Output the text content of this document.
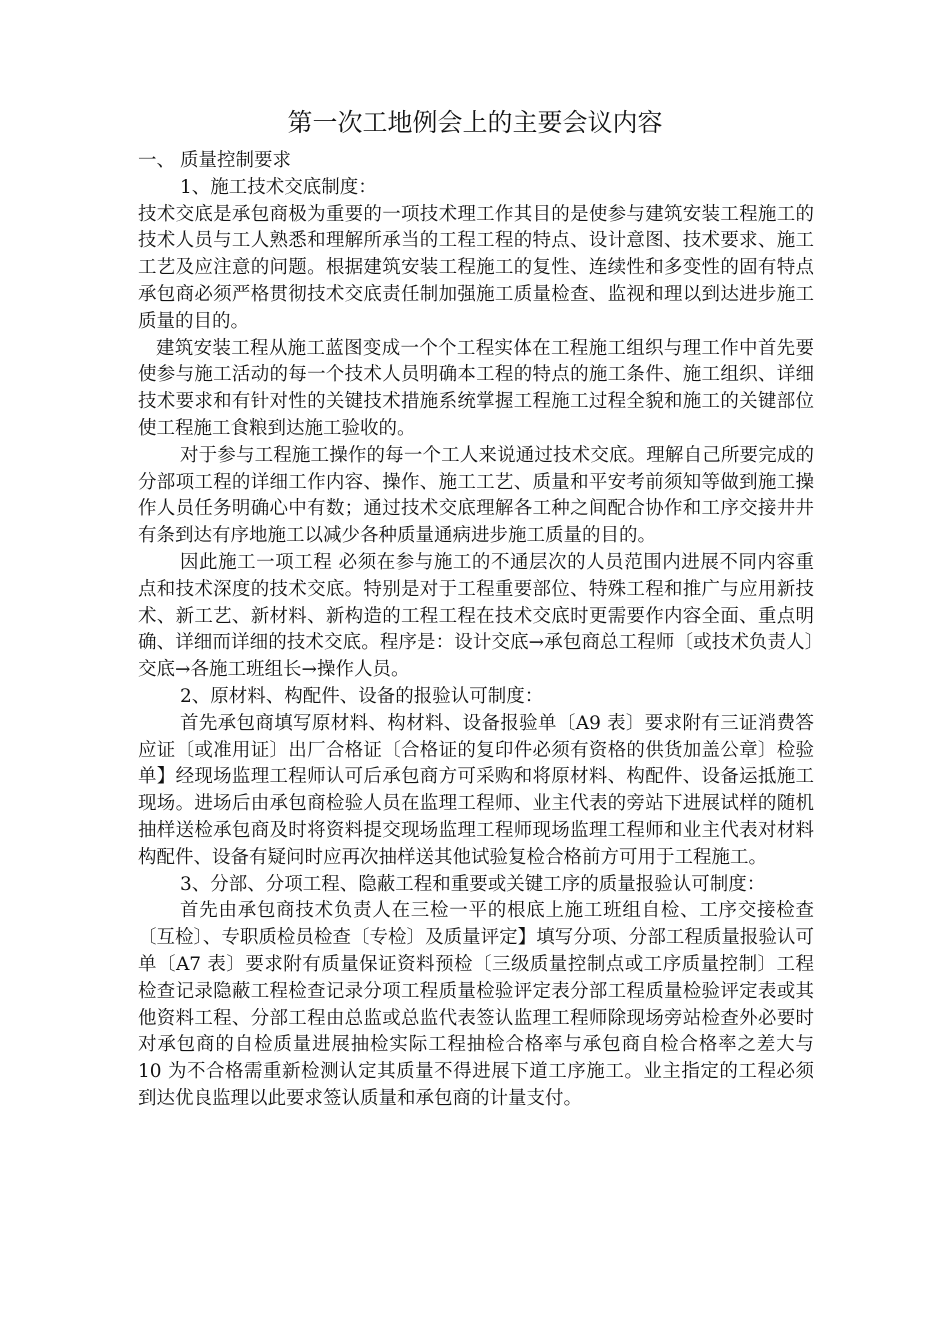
第一次工地例会上的主要会议内容

一、 质量控制要求

1、施工技术交底制度：

技术交底是承包商极为重要的一项技术理工作其目的是使参与建筑安装工程施工的技术人员与工人熟悉和理解所承当的工程工程的特点、设计意图、技术要求、施工工艺及应注意的问题。根据建筑安装工程施工的复性、连续性和多变性的固有特点承包商必须严格贯彻技术交底责任制加强施工质量检查、监视和理以到达进步施工质量的目的。

建筑安装工程从施工蓝图变成一个个工程实体在工程施工组织与理工作中首先要使参与施工活动的每一个技术人员明确本工程的特点的施工条件、施工组织、详细技术要求和有针对性的关键技术措施系统掌握工程施工过程全貌和施工的关键部位使工程施工食粮到达施工验收的。

对于参与工程施工操作的每一个工人来说通过技术交底。理解自己所要完成的分部项工程的详细工作内容、操作、施工工艺、质量和平安考前须知等做到施工操作人员任务明确心中有数；通过技术交底理解各工种之间配合协作和工序交接井井有条到达有序地施工以减少各种质量通病进步施工质量的目的。

因此施工一项工程 必须在参与施工的不通层次的人员范围内进展不同内容重点和技术深度的技术交底。特别是对于工程重要部位、特殊工程和推广与应用新技术、新工艺、新材料、新构造的工程工程在技术交底时更需要作内容全面、重点明确、详细而详细的技术交底。程序是：设计交底→承包商总工程师〔或技术负责人〕交底→各施工班组长→操作人员。

2、原材料、构配件、设备的报验认可制度：

首先承包商填写原材料、构材料、设备报验单〔A9 表〕要求附有三证消费答应证〔或准用证〕出厂合格证〔合格证的复印件必须有资格的供货加盖公章〕检验单】经现场监理工程师认可后承包商方可采购和将原材料、构配件、设备运抵施工现场。进场后由承包商检验人员在监理工程师、业主代表的旁站下进展试样的随机抽样送检承包商及时将资料提交现场监理工程师现场监理工程师和业主代表对材料构配件、设备有疑问时应再次抽样送其他试验复检合格前方可用于工程施工。

3、分部、分项工程、隐蔽工程和重要或关键工序的质量报验认可制度：

首先由承包商技术负责人在三检一平的根底上施工班组自检、工序交接检查〔互检〕、专职质检员检查〔专检〕及质量评定】填写分项、分部工程质量报验认可单〔A7 表〕要求附有质量保证资料预检〔三级质量控制点或工序质量控制〕工程检查记录隐蔽工程检查记录分项工程质量检验评定表分部工程质量检验评定表或其他资料工程、分部工程由总监或总监代表签认监理工程师除现场旁站检查外必要时对承包商的自检质量进展抽检实际工程抽检合格率与承包商自检合格率之差大与 10 为不合格需重新检测认定其质量不得进展下道工序施工。业主指定的工程必须到达优良监理以此要求签认质量和承包商的计量支付。
